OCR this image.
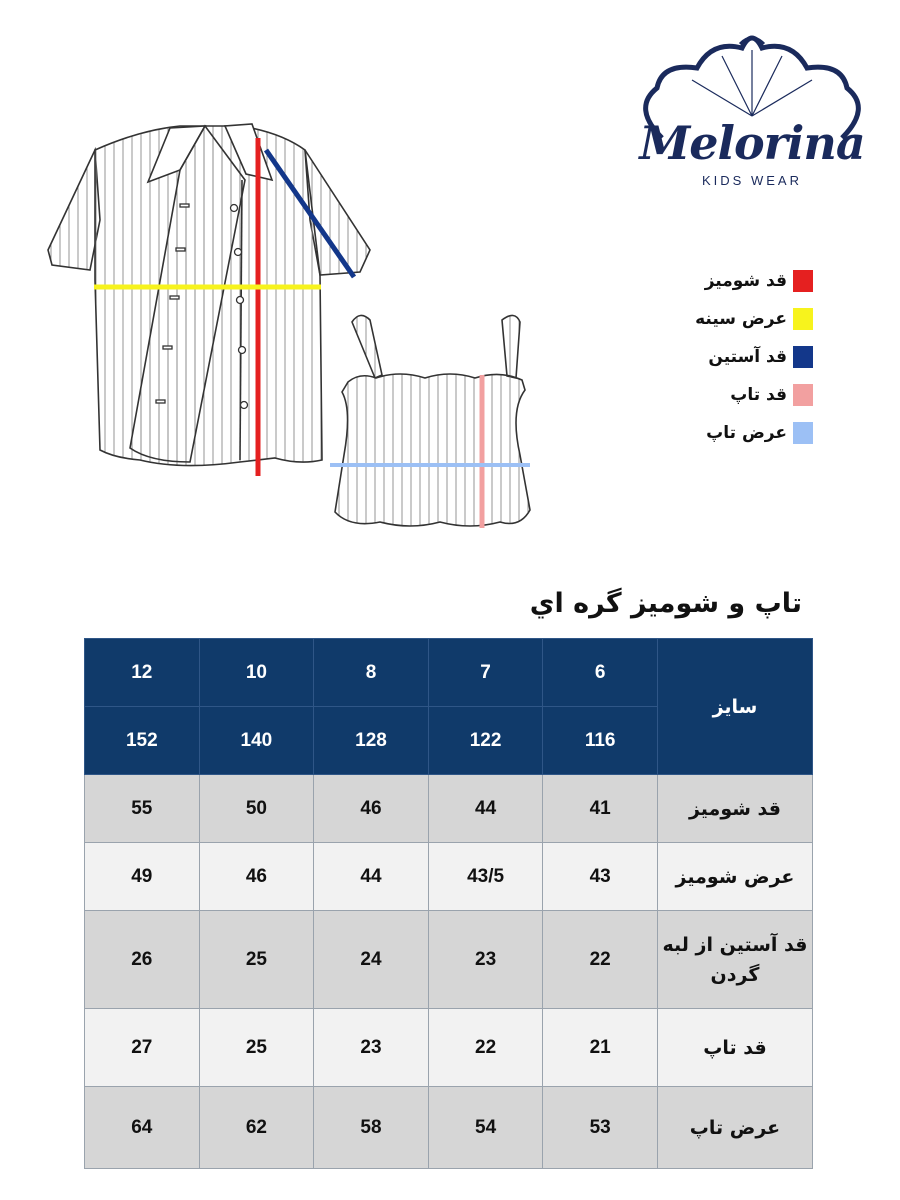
Melorina
KIDS WEAR
قد شومیز
عرض سینه
قد آستین
قد تاپ
عرض تاپ
تاپ و شومیز گره اي
12	10	8	7	6	سایز
152	140	128	122	116	
55	50	46	44	41	قد شومیز
49	46	44	43/5	43	عرض شومیز
26	25	24	23	22	قد آستین از لبه گردن
27	25	23	22	21	قد تاپ
64	62	58	54	53	عرض تاپ
